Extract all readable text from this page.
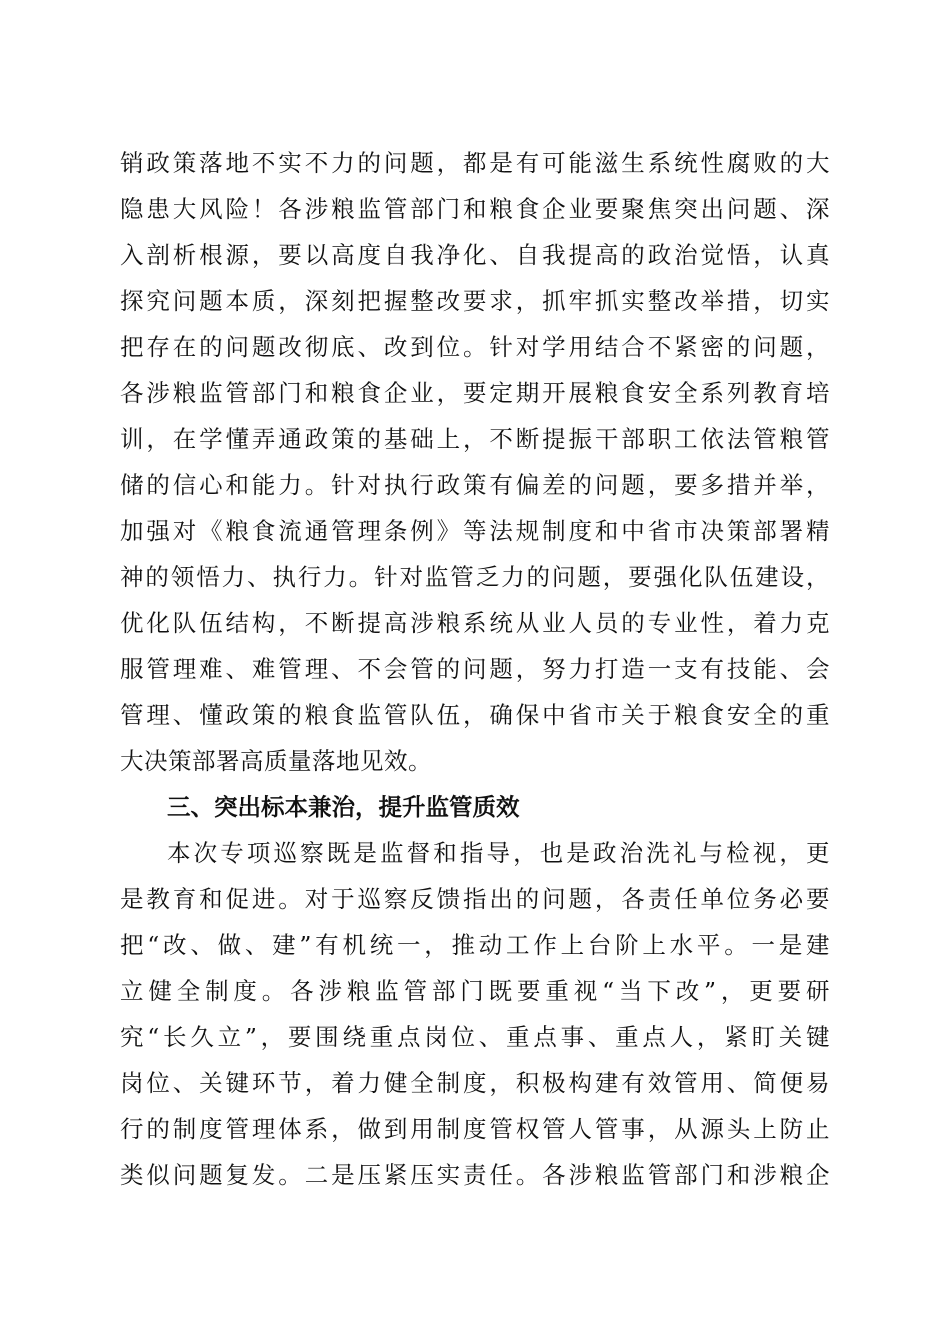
销政策落地不实不力的问题，都是有可能滋生系统性腐败的大
隐患大风险！各涉粮监管部门和粮食企业要聚焦突出问题、深
入剖析根源，要以高度自我净化、自我提高的政治觉悟，认真
探究问题本质，深刻把握整改要求，抓牢抓实整改举措，切实
把存在的问题改彻底、改到位。针对学用结合不紧密的问题，
各涉粮监管部门和粮食企业，要定期开展粮食安全系列教育培
训，在学懂弄通政策的基础上，不断提振干部职工依法管粮管
储的信心和能力。针对执行政策有偏差的问题，要多措并举，
加强对《粮食流通管理条例》等法规制度和中省市决策部署精
神的领悟力、执行力。针对监管乏力的问题，要强化队伍建设，
优化队伍结构，不断提高涉粮系统从业人员的专业性，着力克
服管理难、难管理、不会管的问题，努力打造一支有技能、会
管理、懂政策的粮食监管队伍，确保中省市关于粮食安全的重
大决策部署高质量落地见效。
三、突出标本兼治，提升监管质效
本次专项巡察既是监督和指导，也是政治洗礼与检视，更
是教育和促进。对于巡察反馈指出的问题，各责任单位务必要
把“改、做、建”有机统一，推动工作上台阶上水平。一是建
立健全制度。各涉粮监管部门既要重视“当下改”，更要研
究“长久立”，要围绕重点岗位、重点事、重点人，紧盯关键
岗位、关键环节，着力健全制度，积极构建有效管用、简便易
行的制度管理体系，做到用制度管权管人管事，从源头上防止
类似问题复发。二是压紧压实责任。各涉粮监管部门和涉粮企
